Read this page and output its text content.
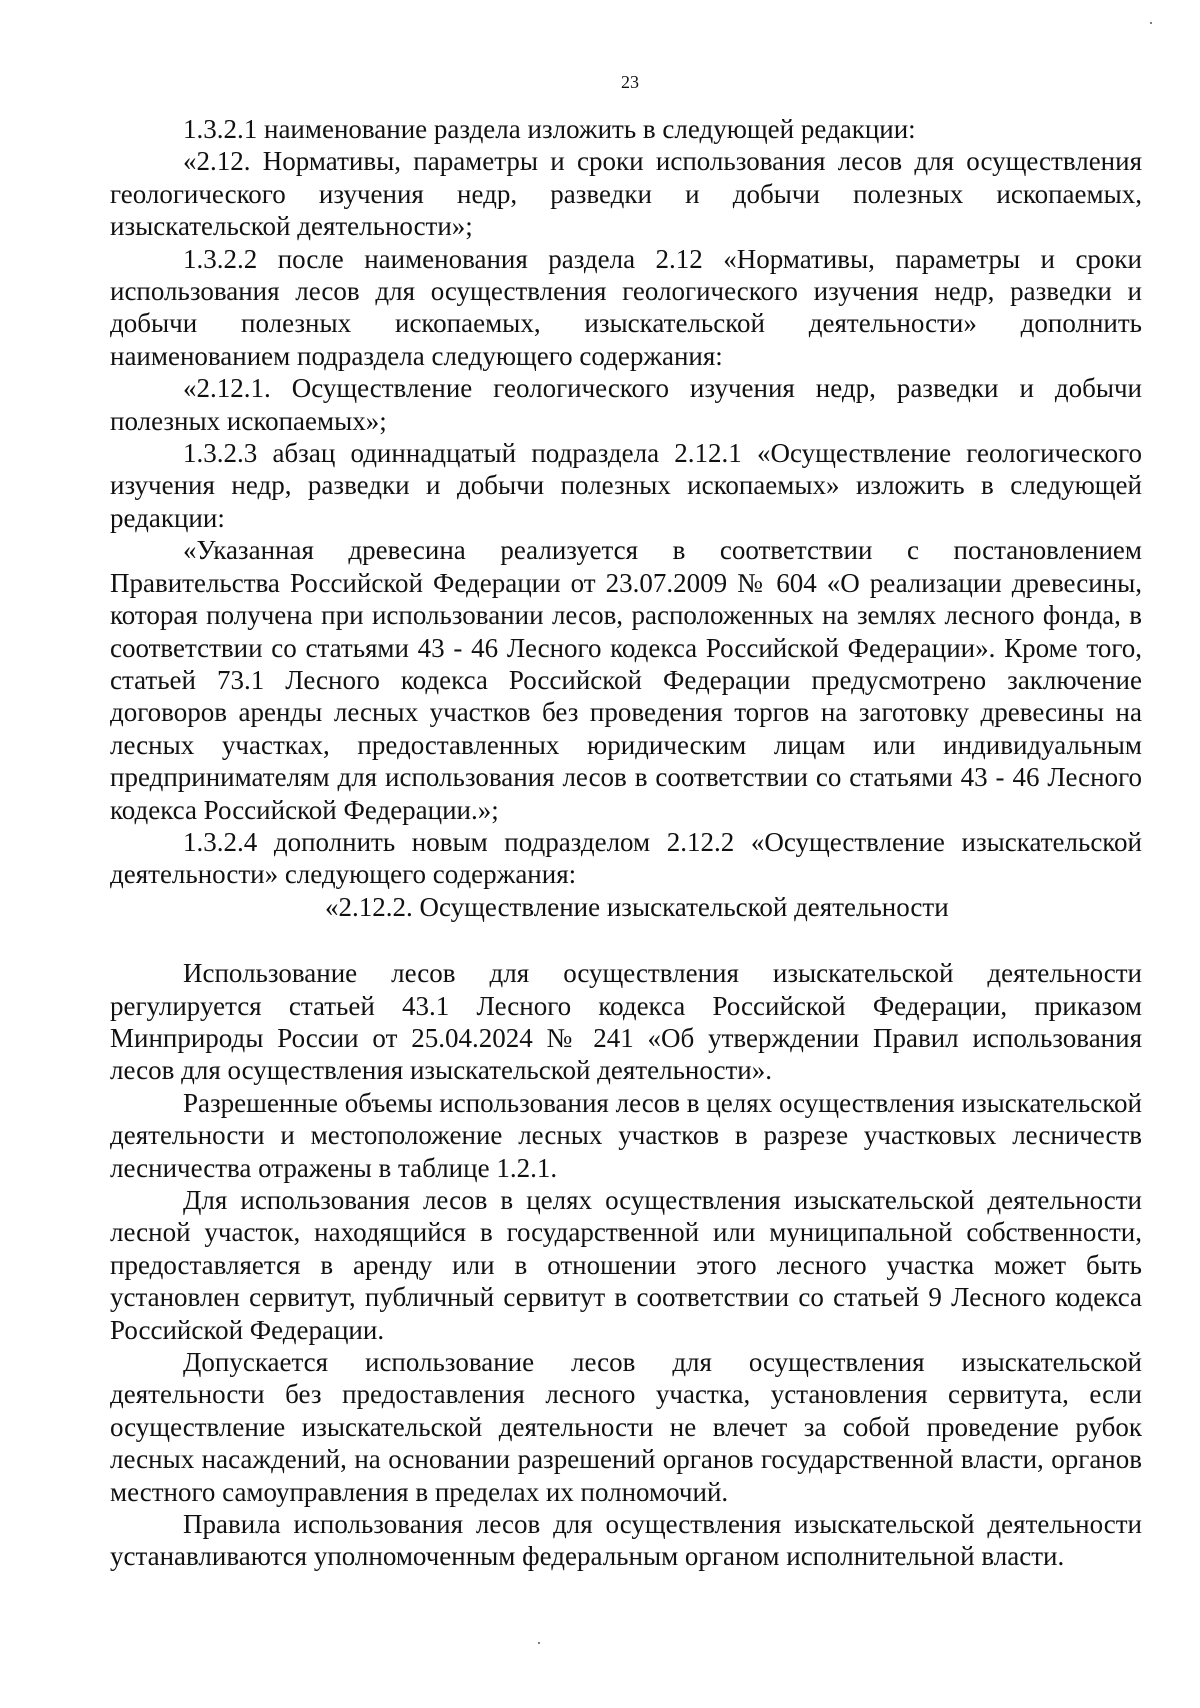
23

1.3.2.1 наименование раздела изложить в следующей редакции:

«2.12. Нормативы, параметры и сроки использования лесов для осуществления геологического изучения недр, разведки и добычи полезных ископаемых, изыскательской деятельности»;

1.3.2.2 после наименования раздела 2.12 «Нормативы, параметры и сроки использования лесов для осуществления геологического изучения недр, разведки и добычи полезных ископаемых, изыскательской деятельности» дополнить наименованием подраздела следующего содержания:

«2.12.1. Осуществление геологического изучения недр, разведки и добычи полезных ископаемых»;

1.3.2.3 абзац одиннадцатый подраздела 2.12.1 «Осуществление геологического изучения недр, разведки и добычи полезных ископаемых» изложить в следующей редакции:

«Указанная древесина реализуется в соответствии с постановлением Правительства Российской Федерации от 23.07.2009 № 604 «О реализации древесины, которая получена при использовании лесов, расположенных на землях лесного фонда, в соответствии со статьями 43 - 46 Лесного кодекса Российской Федерации». Кроме того, статьей 73.1 Лесного кодекса Российской Федерации предусмотрено заключение договоров аренды лесных участков без проведения торгов на заготовку древесины на лесных участках, предоставленных юридическим лицам или индивидуальным предпринимателям для использования лесов в соответствии со статьями 43 - 46 Лесного кодекса Российской Федерации.»;

1.3.2.4 дополнить новым подразделом 2.12.2 «Осуществление изыскательской деятельности» следующего содержания:

«2.12.2. Осуществление изыскательской деятельности

Использование лесов для осуществления изыскательской деятельности регулируется статьей 43.1 Лесного кодекса Российской Федерации, приказом Минприроды России от 25.04.2024 № 241 «Об утверждении Правил использования лесов для осуществления изыскательской деятельности».

Разрешенные объемы использования лесов в целях осуществления изыскательской деятельности и местоположение лесных участков в разрезе участковых лесничеств лесничества отражены в таблице 1.2.1.

Для использования лесов в целях осуществления изыскательской деятельности лесной участок, находящийся в государственной или муниципальной собственности, предоставляется в аренду или в отношении этого лесного участка может быть установлен сервитут, публичный сервитут в соответствии со статьей 9 Лесного кодекса Российской Федерации.

Допускается использование лесов для осуществления изыскательской деятельности без предоставления лесного участка, установления сервитута, если осуществление изыскательской деятельности не влечет за собой проведение рубок лесных насаждений, на основании разрешений органов государственной власти, органов местного самоуправления в пределах их полномочий.

Правила использования лесов для осуществления изыскательской деятельности устанавливаются уполномоченным федеральным органом исполнительной власти.
